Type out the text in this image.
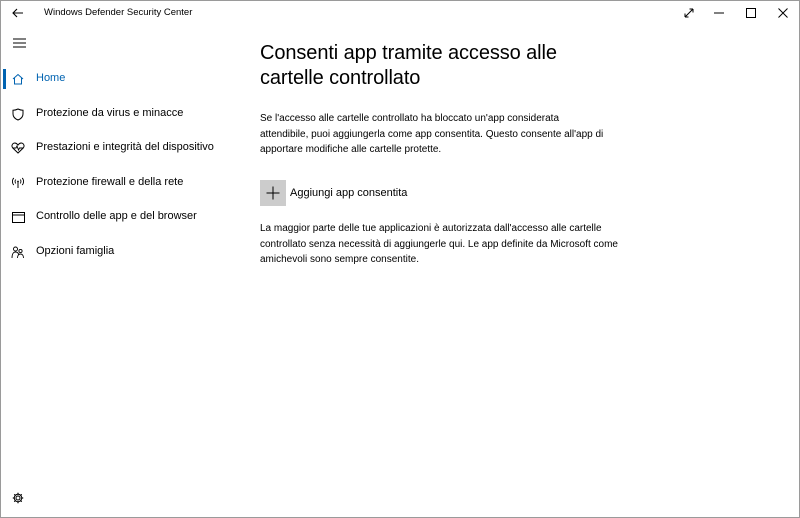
Windows Defender Security Center
Home
Protezione da virus e minacce
Prestazioni e integrità del dispositivo
Protezione firewall e della rete
Controllo delle app e del browser
Opzioni famiglia
Consenti app tramite accesso alle cartelle controllato

Se l'accesso alle cartelle controllato ha bloccato un'app considerata attendibile, puoi aggiungerla come app consentita. Questo consente all'app di apportare modifiche alle cartelle protette.

Aggiungi app consentita

La maggior parte delle tue applicazioni è autorizzata dall'accesso alle cartelle controllato senza necessità di aggiungerle qui. Le app definite da Microsoft come amichevoli sono sempre consentite.
